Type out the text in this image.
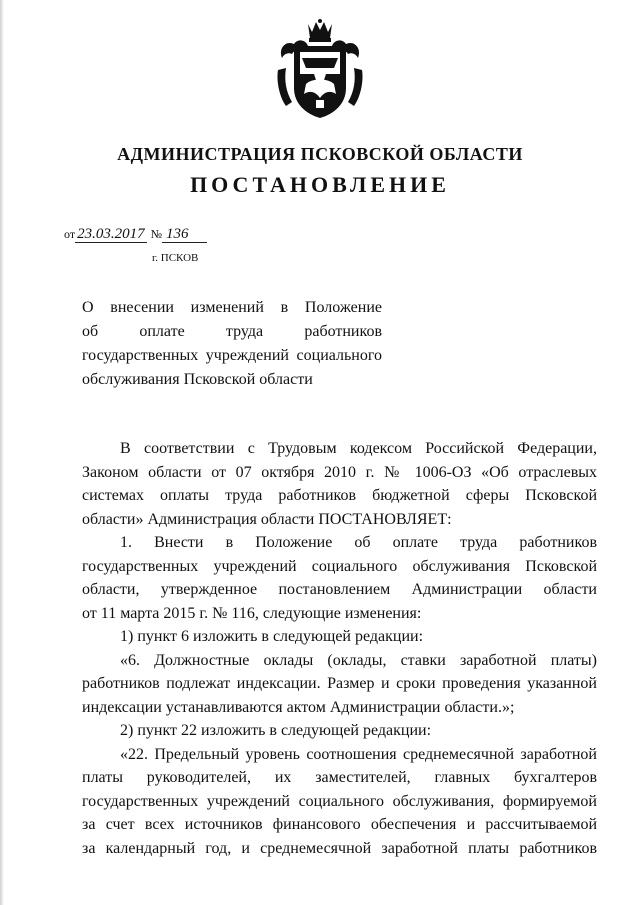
АДМИНИСТРАЦИЯ ПСКОВСКОЙ ОБЛАСТИ
ПОСТАНОВЛЕНИЕ
от 23.03.2017 № 136
г. ПСКОВ
О внесении изменений в Положение
об оплате труда работников
государственных учреждений социального
обслуживания Псковской области
В соответствии с Трудовым кодексом Российской Федерации,
Законом области от 07 октября 2010 г. № 1006-ОЗ «Об отраслевых
системах оплаты труда работников бюджетной сферы Псковской
области» Администрация области ПОСТАНОВЛЯЕТ:
1. Внести в Положение об оплате труда работников
государственных учреждений социального обслуживания Псковской
области, утвержденное постановлением Администрации области
от 11 марта 2015 г. № 116, следующие изменения:
1) пункт 6 изложить в следующей редакции:
«6. Должностные оклады (оклады, ставки заработной платы)
работников подлежат индексации. Размер и сроки проведения указанной
индексации устанавливаются актом Администрации области.»;
2) пункт 22 изложить в следующей редакции:
«22. Предельный уровень соотношения среднемесячной заработной
платы руководителей, их заместителей, главных бухгалтеров
государственных учреждений социального обслуживания, формируемой
за счет всех источников финансового обеспечения и рассчитываемой
за календарный год, и среднемесячной заработной платы работников
